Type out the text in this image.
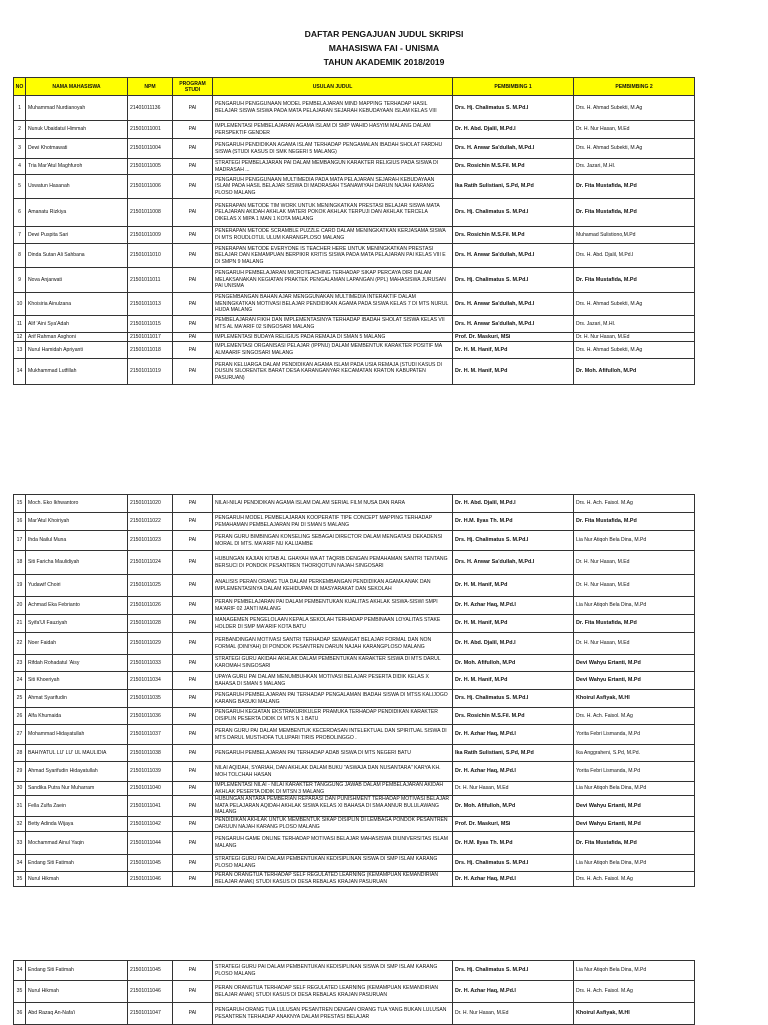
DAFTAR PENGAJUAN JUDUL SKRIPSI
MAHASISWA FAI - UNISMA
TAHUN AKADEMIK 2018/2019
NO	NAMA MAHASISWA	NPM	PROGRAM STUDI	USULAN JUDUL	PEMBIMBING 1	PEMBIMBING 2
1	Muhammad Nurdianoyah	21401011136	PAI	PENGARUH PENGGUNAAN MODEL PEMBELAJARAN MIND MAPPING TERHADAP HASIL BELAJAR SISWA SISWA PADA MATA PELAJARAN SEJARAH KEBUDAYAAN ISLAM KELAS VIII	Drs. Hj. Chalimatus S. M.Pd.I	Drs. H. Ahmad Subekti, M.Ag
2	Nunuk Ubaidatul Himmah	21501011001	PAI	IMPLEMENTASI PEMBELAJARAN AGAMA ISLAM DI SMP WAHID HASYIM MALANG DALAM PERSPEKTIF GENDER	Dr. H. Abd. Djalil, M.Pd.I	Dr. H. Nur Hasan, M.Ed
3	Dewi Khotmawati	21501011004	PAI	PENGARUH PENDIDIKAN AGAMA ISLAM TERHADAP PENGAMALAN IBADAH SHOLAT FARDHU SISWA (STUDI KASUS DI SMK NEGERI 5 MALANG)	Drs. H. Anwar Sa'dullah, M.Pd.I	Drs. H. Ahmad Subekti, M.Ag
4	Tria Mar'Atul Maghfuroh	21501011005	PAI	STRATEGI PEMBELAJARAN PAI DALAM MEMBANGUN KARAKTER RELIGIUS PADA SISWA DI MADRASAH ...	Drs. Rosichin M.S.Fil. M.Pd	Drs. Jazari, M.HI.
5	Uswatun Hasanah	21501011006	PAI	PENGARUH PENGGUNAAN MULTIMEDIA PADA MATA PELAJARAN SEJARAH KEBUDAYAAN ISLAM PADA HASIL BELAJAR SISWA DI MADRASAH TSANAWIYAH DARUN NAJAH KARANG PLOSO MALANG	Ika Ratih Sulistiani, S.Pd, M.Pd	Dr. Fita Mustafida, M.Pd
6	Amanatu Rizkiya	21501011008	PAI	PENERAPAN METODE TIM WORK UNTUK MENINGKATKAN PRESTASI BELAJAR SISWA MATA PELAJARAN AKIDAH AKHLAK MATERI POKOK AKHLAK TERPUJI DAN AKHLAK TERCELA DIKELAS X MIPA 1 MAN 1 KOTA MALANG	Drs. Hj. Chalimatus S. M.Pd.I	Dr. Fita Mustafida, M.Pd
7	Dewi Puspita Sari	21501011009	PAI	PENERAPAN METODE SCRAMBLE PUZZLE CARD DALAM MENINGKATKAN KERJASAMA SISWA DI MTS ROUDLOTUL ULUM KARANGPLOSO MALANG	Drs. Rosichin M.S.Fil. M.Pd	Muhamad Sulistiono,M.Pd
8	Dinda Sutan Ali Sahbana	21501011010	PAI	PENERAPAN METODE EVERYONE IS TEACHER HERE UNTUK MENINGKATKAN PRESTASI BELAJAR DAN KEMAMPUAN BERPIKIR KRITIS SISWA PADA MATA PELAJARAN PAI KELAS VIII E DI SMPN 9 MALANG	Drs. H. Anwar Sa'dullah, M.Pd.I	Drs. H. Abd. Djalil, M.Pd.I
9	Nova Anjarwati	21501011011	PAI	PENGARUH PEMBELAJARAN MICROTEACHING TERHADAP SIKAP PERCAYA DIRI DALAM MELAKSANAKAN KEGIATAN PRAKTEK PENGALAMAN LAPANGAN (PPL) MAHASISWA JURUSAN PAI UNISMA	Drs. Hj. Chalimatus S. M.Pd.I	Dr. Fita Mustafida, M.Pd
10	Khoisiria Ainulzana	21501011013	PAI	PENGEMBANGAN BAHAN AJAR MENGGUNAKAN MULTIMEDIA INTERAKTIF DALAM MENINGKATKAN MOTIVASI BELAJAR PENDIDIKAN AGAMA PADA SISWA KELAS 7 DI MTS NURUL HUDA MALANG	Drs. H. Anwar Sa'dullah, M.Pd.I	Drs. H. Ahmad Subekti, M.Ag
11	Alif 'Aini Sya'Adah	21501011015	PAI	PEMBELAJARAN FIKIH DAN IMPLEMENTASINYA TERHADAP IBADAH SHOLAT SISWA KELAS VII MTS AL MA'ARIF 02 SINGOSARI MALANG	Drs. H. Anwar Sa'dullah, M.Pd.I	Drs. Jazari, M.HI.
12	Arif Rahman Asghoni	21501011017	PAI	IMPLEMENTASI BUDAYA RELIGIUS PADA REMAJA DI SMAN 5 MALANG	Prof. Dr. Maskuri, MSi	Dr. H. Nur Hasan, M.Ed
13	Nurul Hamidah Apriyanti	21501011018	PAI	IMPLEMENTASI ORGANISASI PELAJAR (IPPNU) DALAM MEMBENTUK KARAKTER POSITIF MA ALMAARIF SINGOSARI MALANG	Dr. H. M. Hanif, M.Pd	Drs. H. Ahmad Subekti, M.Ag
14	Mukhammad Lutfillah	21501011019	PAI	PERAN KELUARGA DALAM PENDIDIKAN AGAMA ISLAM PADA USIA REMAJA (STUDI KASUS DI DUSUN SILORENTEK BARAT DESA KARANGANYAR KECAMATAN KRATON KABUPATEN PASURUAN)	Dr. H. M. Hanif, M.Pd	Dr. Moh. Afifulloh, M.Pd
15	Moch. Eko Ikhwantoro	21501011020	PAI	NILAI-NILAI PENDIDIKAN AGAMA ISLAM DALAM SERIAL FILM NUSA DAN RARA	Dr. H. Abd. Djalil, M.Pd.I	Drs. H. Ach. Faisol. M.Ag
16	Mar'Atul Khoiriyah	21501011022	PAI	PENGARUH MODEL PEMBELAJARAN KOOPERATIF TIPE CONCEPT MAPPING TERHADAP PEMAHAMAN PEMBELAJARAN PAI DI SMAN 5 MALANG	Dr. H.M. Ilyas Th. M.Pd	Dr. Fita Mustafida, M.Pd
17	Ihda Nailul Muna	21501011023	PAI	PERAN GURU BIMBINGAN KONSELING SEBAGAI DIRECTOR DALAM MENGATASI DEKADENSI MORAL DI MTS. MA'ARIF NU KALIJAMBE	Drs. Hj. Chalimatus S. M.Pd.I	Lia Nur Atiqoh Bela Dina, M.Pd
18	Siti Faricha Maulidiyah	21501011024	PAI	HUBUNGAN KAJIAN KITAB AL GHAYAH WA AT TAQRIB DENGAN PEMAHAMAN SANTRI TENTANG BERSUCI DI PONDOK PESANTREN THORIQOTUN NAJAH SINGOSARI	Drs. H. Anwar Sa'dullah, M.Pd.I	Dr. H. Nur Hasan, M.Ed
19	Yudawif Choiri	21501011025	PAI	ANALISIS PERAN ORANG TUA DALAM PERKEMBANGAN PENDIDIKAN AGAMA ANAK DAN IMPLEMENTASINYA DALAM KEHIDUPAN DI MASYARAKAT DAN SEKOLAH	Dr. H. M. Hanif, M.Pd	Dr. H. Nur Hasan, M.Ed
20	Achmad Eka Febrianto	21501011026	PAI	PERAN PEMBELAJARAN PAI DALAM PEMBENTUKAN KUALITAS AKHLAK SISWA-SISWI SMPI MA'ARIF 02 JANTI MALANG	Dr. H. Azhar Haq, M.Pd.I	Lia Nur Atiqoh Bela Dina, M.Pd
21	Syifa'Ul Fauziyah	21501011028	PAI	MANAGEMEN PENGELOLAAN KEPALA SEKOLAH TERHADAP PEMBINAAN LOYALITAS STAKE HOLDER DI SMP MA'ARIF KOTA BATU	Dr. H. M. Hanif, M.Pd	Dr. Fita Mustafida, M.Pd
22	Noer Faidah	21501011029	PAI	PERBANDINGAN MOTIVASI SANTRI TERHADAP SEMANGAT BELAJAR FORMAL DAN NON FORMAL (DINIYAH) DI PONDOK PESANTREN DARUN NAJAH KARANGPLOSO MALANG	Dr. H. Abd. Djalil, M.Pd.I	Dr. H. Nur Hasan, M.Ed
23	Rifdah Rohadatul 'Aisy	21501011033	PAI	STRATEGI GURU AKIDAH AKHLAK DALAM PEMBENTUKAN KARAKTER SISWA DI MTS DARUL KAROMAH SINGOSARI	Dr. Moh. Afifulloh, M.Pd	Devi Wahyu Ertanti, M.Pd
24	Siti Khoeriyah	21501011034	PAI	UPAYA GURU PAI DALAM MENUMBUHKAN MOTIVASI BELAJAR PESERTA DIDIK KELAS X BAHASA DI SMAN 5 MALANG	Dr. H. M. Hanif, M.Pd	Devi Wahyu Ertanti, M.Pd
25	Ahmat Syarifudin	21501011035	PAI	PENGARUH PEMBELAJARAN PAI TERHADAP PENGALAMAN IBADAH SISWA DI MTSS KALIJOGO KARANG BASUKI MALANG	Drs. Hj. Chalimatus S. M.Pd.I	Khoirul Asfiyak, M.HI
26	Alfa Khumaida	21501011036	PAI	PENGARUH KEGIATAN EKSTRAKURIKULER PRAMUKA TERHADAP PENDIDIKAN KARAKTER DISIPLIN PESERTA DIDIK DI MTS N 1 BATU	Drs. Rosichin M.S.Fil. M.Pd	Drs. H. Ach. Faisol. M.Ag
27	Mohammad Hidayatullah	21501011037	PAI	PERAN GURU PAI DALAM MEMBENTUK KECERDASAN INTELEKTUAL DAN SPIRITUAL SISWA DI MTS DARUL MUSTHOFA TULUPARI TIRIS PROBOLINGGO .	Dr. H. Azhar Haq, M.Pd.I	Yorita Febri Lismanda, M.Pd
28	BAHIYATUL LU' LU' UL MAULIDIA	21501011038	PAI	PENGARUH PEMBELAJARAN PAI TERHADAP ADAB SISWA DI MTS NEGERI BATU	Ika Ratih Sulistiani, S.Pd, M.Pd	Ika Anggraheni, S.Pd, M.Pd.
29	Ahmad Syarifudin Hidayatullah	21501011039	PAI	NILAI AQIDAH, SYARIAH, DAN AKHLAK DALAM BUKU "ASWAJA DAN NUSANTARA" KARYA KH. MOH TOLCHAH HASAN	Dr. H. Azhar Haq, M.Pd.I	Yorita Febri Lismanda, M.Pd
30	Sandika Putra Nur Muharram	21501011040	PAI	IMPLEMENTASI NILAI - NILAI KARAKTER TANGGUNG JAWAB DALAM PEMBELAJARAN AKIDAH AKHLAK PESERTA DIDIK DI MTSN 3 MALANG	Dr. H. Nur Hasan, M.Ed	Lia Nur Atiqoh Bela Dina, M.Pd
31	Fella Zulfa Zaein	21501011041	PAI	HUBUNGAN ANTARA PEMBERIAN REPARASI DAN PUNISHMENT TERHADAP MOTIVASI BELAJAR MATA PELAJARAN AQIDAH AKHLAK SISWA KELAS XI BAHASA DI SMA ANNUR BULULAWANG MALANG	Dr. Moh. Afifulloh, M.Pd	Devi Wahyu Ertanti, M.Pd
32	Betty Adinda Wijaya	21501011042	PAI	PENDIDIKAN AKHLAK UNTUK MEMBENTUK SIKAP DISIPLIN DI LEMBAGA PONDOK PESANTREN DARUUN NAJAH KARANG PLOSO MALANG	Prof. Dr. Maskuri, MSi	Devi Wahyu Ertanti, M.Pd
33	Mochammad Ainul Yaqin	21501011044	PAI	PENGARUH GAME ONLINE TERHADAP MOTIVASI BELAJAR MAHASISWA DIUNIVERSITAS ISLAM MALANG	Dr. H.M. Ilyas Th. M.Pd	Dr. Fita Mustafida, M.Pd
34	Endang Siti Fatimah	21501011045	PAI	STRATEGI GURU PAI DALAM PEMBENTUKAN KEDISIPLINAN SISWA DI SMP ISLAM KARANG PLOSO MALANG	Drs. Hj. Chalimatus S. M.Pd.I	Lia Nur Atiqoh Bela Dina, M.Pd
35	Nurul Hikmah	21501011046	PAI	PERAN ORANGTUA TERHADAP SELF REGULATED LEARNING (KEMAMPUAN KEMANDIRIAN BELAJAR ANAK) STUDI KASUS DI DESA REBALAS KRAJAN PASURUAN	Dr. H. Azhar Haq, M.Pd.I	Drs. H. Ach. Faisol. M.Ag
34	Endang Siti Fatimah	21501011045	PAI	STRATEGI GURU PAI DALAM PEMBENTUKAN KEDISIPLINAN SISWA DI SMP ISLAM KARANG PLOSO MALANG	Drs. Hj. Chalimatus S. M.Pd.I	Lia Nur Atiqoh Bela Dina, M.Pd
35	Nurul Hikmah	21501011046	PAI	PERAN ORANGTUA TERHADAP SELF REGULATED LEARNING (KEMAMPUAN KEMANDIRIAN BELAJAR ANAK) STUDI KASUS DI DESA REBALAS KRAJAN PASURUAN	Dr. H. Azhar Haq, M.Pd.I	Drs. H. Ach. Faisol. M.Ag
36	Abd Razaq An-Nafa'i	21501011047	PAI	PENGARUH ORANG TUA LULUSAN PESANTREN DENGAN ORANG TUA YANG BUKAN LULUSAN PESANTREN TERHADAP ANAKNYA DALAM PRESTASI BELAJAR	Dr. H. Nur Hasan, M.Ed	Khoirul Asfiyak, M.HI
